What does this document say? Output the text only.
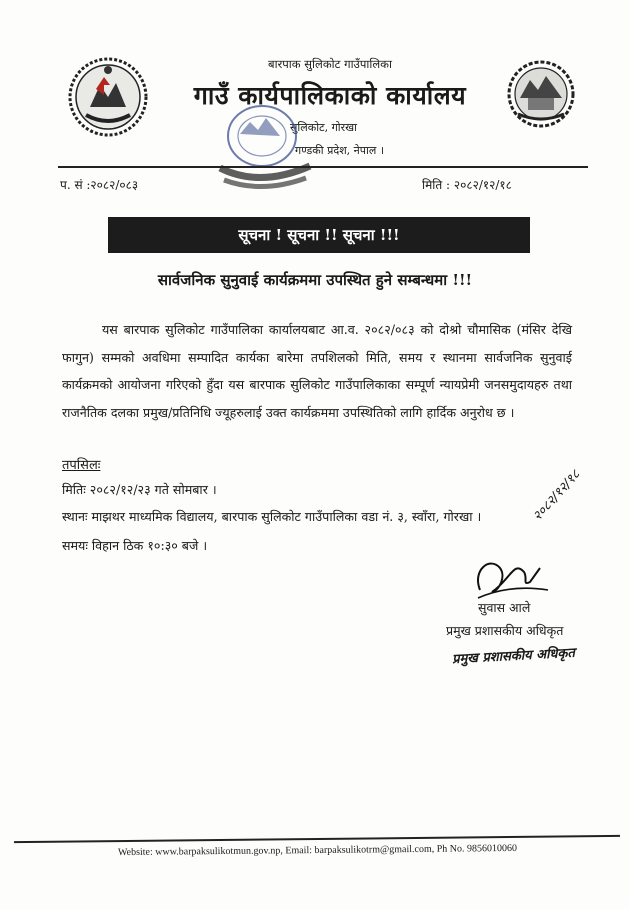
बारपाक सुलिकोट गाउँपालिका
गाउँ कार्यपालिकाको कार्यालय
सुलिकोट, गोरखा
गण्डकी प्रदेश, नेपाल ।
प. सं :२०८२/०८३	मिति : २०८२/१२/१८
सूचना ! सूचना !! सूचना !!!
सार्वजनिक सुनुवाई कार्यक्रममा उपस्थित हुने सम्बन्धमा !!!

यस बारपाक सुलिकोट गाउँपालिका कार्यालयबाट आ.व. २०८२/०८३ को दोश्रो चौमासिक (मंसिर देखि फागुन) सम्मको अवधिमा सम्पादित कार्यका बारेमा तपशिलको मिति, समय र स्थानमा सार्वजनिक सुनुवाई कार्यक्रमको आयोजना गरिएको हुँदा यस बारपाक सुलिकोट गाउँपालिकाका सम्पूर्ण न्यायप्रेमी जनसमुदायहरु तथा राजनैतिक दलका प्रमुख/प्रतिनिधि ज्यूहरुलाई उक्त कार्यक्रममा उपस्थितिको लागि हार्दिक अनुरोध छ ।

तपसिलः
मितिः २०८२/१२/२३ गते सोमबार ।
स्थानः माझथर माध्यमिक विद्यालय, बारपाक सुलिकोट गाउँपालिका वडा नं. ३, स्वाँरा, गोरखा ।
समयः विहान ठिक १०:३० बजे ।
२०८२/१२/१८
सुवास आले
प्रमुख प्रशासकीय अधिकृत
प्रमुख प्रशासकीय अधिकृत
Website: www.barpaksulikotmun.gov.np, Email: barpaksulikotrm@gmail.com, Ph No. 9856010060
